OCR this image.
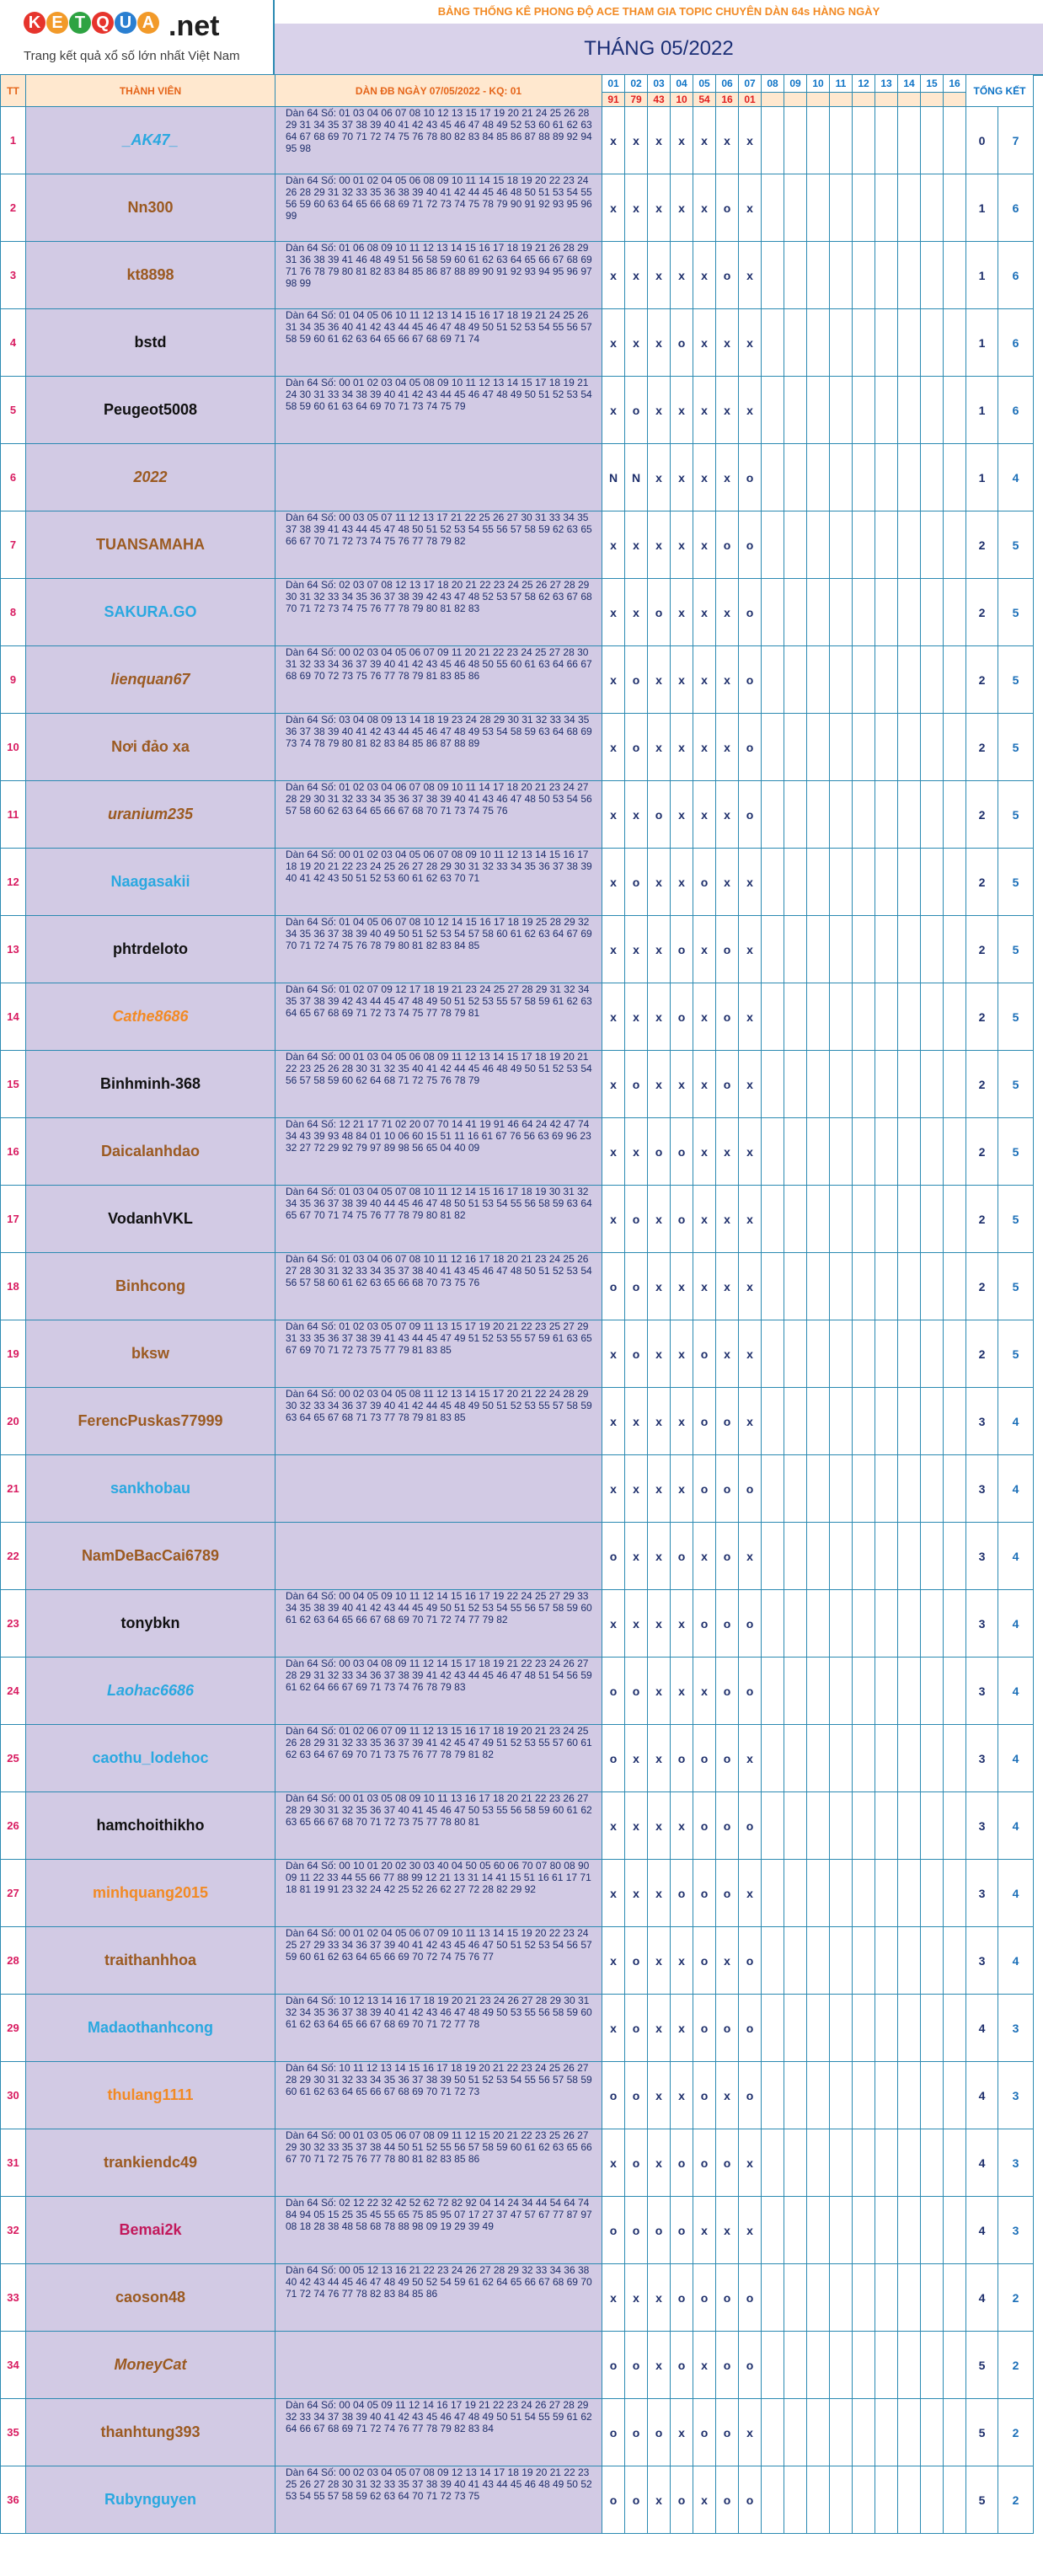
K E T Q U A .net
Trang kết quả xổ số lớn nhất Việt Nam
BẢNG THỐNG KÊ PHONG ĐỘ ACE THAM GIA TOPIC CHUYÊN DÀN 64s HÀNG NGÀY
THÁNG 05/2022
TT	THÀNH VIÊN	DÀN ĐB NGÀY 07/05/2022 - KQ: 01	01	02	03	04	05	06	07	08	09	10	11	12	13	14	15	16	TỔNG KẾT	
			91	79	43	10	54	16	01											
1	_AK47_	Dàn 64 Số: 01 03 04 06 07 08 10 12 13 15 17 19 20 21 24 25 26 28 29 31 34 35 37 38 39 40 41 42 43 45 46 47 48 49 52 53 60 61 62 63 64 67 68 69 70 71 72 74 75 76 78 80 82 83 84 85 86 87 88 89 92 94 95 98	x	x	x	x	x	x	x										0	7
2	Nn300	Dàn 64 Số: 00 01 02 04 05 06 08 09 10 11 14 15 18 19 20 22 23 24 26 28 29 31 32 33 35 36 38 39 40 41 42 44 45 46 48 50 51 53 54 55 56 59 60 63 64 65 66 68 69 71 72 73 74 75 78 79 90 91 92 93 95 96 99	x	x	x	x	x	o	x										1	6
3	kt8898	Dàn 64 Số: 01 06 08 09 10 11 12 13 14 15 16 17 18 19 21 26 28 29 31 36 38 39 41 46 48 49 51 56 58 59 60 61 62 63 64 65 66 67 68 69 71 76 78 79 80 81 82 83 84 85 86 87 88 89 90 91 92 93 94 95 96 97 98 99	x	x	x	x	x	o	x										1	6
4	bstd	Dàn 64 Số: 01 04 05 06 10 11 12 13 14 15 16 17 18 19 21 24 25 26 31 34 35 36 40 41 42 43 44 45 46 47 48 49 50 51 52 53 54 55 56 57 58 59 60 61 62 63 64 65 66 67 68 69 71 74	x	x	x	o	x	x	x										1	6
5	Peugeot5008	Dàn 64 Số: 00 01 02 03 04 05 08 09 10 11 12 13 14 15 17 18 19 21 24 30 31 33 34 38 39 40 41 42 43 44 45 46 47 48 49 50 51 52 53 54 58 59 60 61 63 64 69 70 71 73 74 75 79	x	o	x	x	x	x	x										1	6
6	2022		N	N	x	x	x	x	o										1	4
7	TUANSAMAHA	Dàn 64 Số: 00 03 05 07 11 12 13 17 21 22 25 26 27 30 31 33 34 35 37 38 39 41 43 44 45 47 48 50 51 52 53 54 55 56 57 58 59 62 63 65 66 67 70 71 72 73 74 75 76 77 78 79 82	x	x	x	x	x	o	o										2	5
8	SAKURA.GO	Dàn 64 Số: 02 03 07 08 12 13 17 18 20 21 22 23 24 25 26 27 28 29 30 31 32 33 34 35 36 37 38 39 42 43 47 48 52 53 57 58 62 63 67 68 70 71 72 73 74 75 76 77 78 79 80 81 82 83	x	x	o	x	x	x	o										2	5
9	lienquan67	Dàn 64 Số: 00 02 03 04 05 06 07 09 11 20 21 22 23 24 25 27 28 30 31 32 33 34 36 37 39 40 41 42 43 45 46 48 50 55 60 61 63 64 66 67 68 69 70 72 73 75 76 77 78 79 81 83 85 86	x	o	x	x	x	x	o										2	5
10	Nơi đảo xa	Dàn 64 Số: 03 04 08 09 13 14 18 19 23 24 28 29 30 31 32 33 34 35 36 37 38 39 40 41 42 43 44 45 46 47 48 49 53 54 58 59 63 64 68 69 73 74 78 79 80 81 82 83 84 85 86 87 88 89	x	o	x	x	x	x	o										2	5
11	uranium235	Dàn 64 Số: 01 02 03 04 06 07 08 09 10 11 14 17 18 20 21 23 24 27 28 29 30 31 32 33 34 35 36 37 38 39 40 41 43 46 47 48 50 53 54 56 57 58 60 62 63 64 65 66 67 68 70 71 73 74 75 76	x	x	o	x	x	x	o										2	5
12	Naagasakii	Dàn 64 Số: 00 01 02 03 04 05 06 07 08 09 10 11 12 13 14 15 16 17 18 19 20 21 22 23 24 25 26 27 28 29 30 31 32 33 34 35 36 37 38 39 40 41 42 43 50 51 52 53 60 61 62 63 70 71	x	o	x	x	o	x	x										2	5
13	phtrdeloto	Dàn 64 Số: 01 04 05 06 07 08 10 12 14 15 16 17 18 19 25 28 29 32 34 35 36 37 38 39 40 49 50 51 52 53 54 57 58 60 61 62 63 64 67 69 70 71 72 74 75 76 78 79 80 81 82 83 84 85	x	x	x	o	x	o	x										2	5
14	Cathe8686	Dàn 64 Số: 01 02 07 09 12 17 18 19 21 23 24 25 27 28 29 31 32 34 35 37 38 39 42 43 44 45 47 48 49 50 51 52 53 55 57 58 59 61 62 63 64 65 67 68 69 71 72 73 74 75 77 78 79 81	x	x	x	o	x	o	x										2	5
15	Binhminh-368	Dàn 64 Số: 00 01 03 04 05 06 08 09 11 12 13 14 15 17 18 19 20 21 22 23 25 26 28 30 31 32 35 40 41 42 44 45 46 48 49 50 51 52 53 54 56 57 58 59 60 62 64 68 71 72 75 76 78 79	x	o	x	x	x	o	x										2	5
16	Daicalanhdao	Dàn 64 Số: 12 21 17 71 02 20 07 70 14 41 19 91 46 64 24 42 47 74 34 43 39 93 48 84 01 10 06 60 15 51 11 16 61 67 76 56 63 69 96 23 32 27 72 29 92 79 97 89 98 56 65 04 40 09	x	x	o	o	x	x	x										2	5
17	VodanhVKL	Dàn 64 Số: 01 03 04 05 07 08 10 11 12 14 15 16 17 18 19 30 31 32 34 35 36 37 38 39 40 44 45 46 47 48 50 51 53 54 55 56 58 59 63 64 65 67 70 71 74 75 76 77 78 79 80 81 82	x	o	x	o	x	x	x										2	5
18	Binhcong	Dàn 64 Số: 01 03 04 06 07 08 10 11 12 16 17 18 20 21 23 24 25 26 27 28 30 31 32 33 34 35 37 38 40 41 43 45 46 47 48 50 51 52 53 54 56 57 58 60 61 62 63 65 66 68 70 73 75 76	o	o	x	x	x	x	x										2	5
19	bksw	Dàn 64 Số: 01 02 03 05 07 09 11 13 15 17 19 20 21 22 23 25 27 29 31 33 35 36 37 38 39 41 43 44 45 47 49 51 52 53 55 57 59 61 63 65 67 69 70 71 72 73 75 77 79 81 83 85	x	o	x	x	o	x	x										2	5
20	FerencPuskas77999	Dàn 64 Số: 00 02 03 04 05 08 11 12 13 14 15 17 20 21 22 24 28 29 30 32 33 34 36 37 39 40 41 42 44 45 48 49 50 51 52 53 55 57 58 59 63 64 65 67 68 71 73 77 78 79 81 83 85	x	x	x	x	o	o	x										3	4
21	sankhobau		x	x	x	x	o	o	o										3	4
22	NamDeBacCai6789		o	x	x	o	x	o	x										3	4
23	tonybkn	Dàn 64 Số: 00 04 05 09 10 11 12 14 15 16 17 19 22 24 25 27 29 33 34 35 38 39 40 41 42 43 44 45 49 50 51 52 53 54 55 56 57 58 59 60 61 62 63 64 65 66 67 68 69 70 71 72 74 77 79 82	x	x	x	x	o	o	o										3	4
24	Laohac6686	Dàn 64 Số: 00 03 04 08 09 11 12 14 15 17 18 19 21 22 23 24 26 27 28 29 31 32 33 34 36 37 38 39 41 42 43 44 45 46 47 48 51 54 56 59 61 62 64 66 67 69 71 73 74 76 78 79 83	o	o	x	x	x	o	o										3	4
25	caothu_lodehoc	Dàn 64 Số: 01 02 06 07 09 11 12 13 15 16 17 18 19 20 21 23 24 25 26 28 29 31 32 33 35 36 37 39 41 42 45 47 49 51 52 53 55 57 60 61 62 63 64 67 69 70 71 73 75 76 77 78 79 81 82	o	x	x	o	o	o	x										3	4
26	hamchoithikho	Dàn 64 Số: 00 01 03 05 08 09 10 11 13 16 17 18 20 21 22 23 26 27 28 29 30 31 32 35 36 37 40 41 45 46 47 50 53 55 56 58 59 60 61 62 63 65 66 67 68 70 71 72 73 75 77 78 80 81	x	x	x	x	o	o	o										3	4
27	minhquang2015	Dàn 64 Số: 00 10 01 20 02 30 03 40 04 50 05 60 06 70 07 80 08 90 09 11 22 33 44 55 66 77 88 99 12 21 13 31 14 41 15 51 16 61 17 71 18 81 19 91 23 32 24 42 25 52 26 62 27 72 28 82 29 92	x	x	x	o	o	o	x										3	4
28	traithanhhoa	Dàn 64 Số: 00 01 02 04 05 06 07 09 10 11 13 14 15 19 20 22 23 24 25 27 29 33 34 36 37 39 40 41 42 43 45 46 47 50 51 52 53 54 56 57 59 60 61 62 63 64 65 66 69 70 72 74 75 76 77	x	o	x	x	o	x	o										3	4
29	Madaothanhcong	Dàn 64 Số: 10 12 13 14 16 17 18 19 20 21 23 24 26 27 28 29 30 31 32 34 35 36 37 38 39 40 41 42 43 46 47 48 49 50 53 55 56 58 59 60 61 62 63 64 65 66 67 68 69 70 71 72 77 78	x	o	x	x	o	o	o										4	3
30	thulang1111	Dàn 64 Số: 10 11 12 13 14 15 16 17 18 19 20 21 22 23 24 25 26 27 28 29 30 31 32 33 34 35 36 37 38 39 50 51 52 53 54 55 56 57 58 59 60 61 62 63 64 65 66 67 68 69 70 71 72 73	o	o	x	x	o	x	o										4	3
31	trankiendc49	Dàn 64 Số: 00 01 03 05 06 07 08 09 11 12 15 20 21 22 23 25 26 27 29 30 32 33 35 37 38 44 50 51 52 55 56 57 58 59 60 61 62 63 65 66 67 70 71 72 75 76 77 78 80 81 82 83 85 86	x	o	x	o	o	o	x										4	3
32	Bemai2k	Dàn 64 Số: 02 12 22 32 42 52 62 72 82 92 04 14 24 34 44 54 64 74 84 94 05 15 25 35 45 55 65 75 85 95 07 17 27 37 47 57 67 77 87 97 08 18 28 38 48 58 68 78 88 98 09 19 29 39 49	o	o	o	o	x	x	x										4	3
33	caoson48	Dàn 64 Số: 00 05 12 13 16 21 22 23 24 26 27 28 29 32 33 34 36 38 40 42 43 44 45 46 47 48 49 50 52 54 59 61 62 64 65 66 67 68 69 70 71 72 74 76 77 78 82 83 84 85 86	x	x	x	o	o	o	o										4	2
34	MoneyCat		o	o	x	o	x	o	o										5	2
35	thanhtung393	Dàn 64 Số: 00 04 05 09 11 12 14 16 17 19 21 22 23 24 26 27 28 29 32 33 34 37 38 39 40 41 42 43 45 46 47 48 49 50 51 54 55 59 61 62 64 66 67 68 69 71 72 74 76 77 78 79 82 83 84	o	o	o	x	o	o	x										5	2
36	Rubynguyen	Dàn 64 Số: 00 02 03 04 05 07 08 09 12 13 14 17 18 19 20 21 22 23 25 26 27 28 30 31 32 33 35 37 38 39 40 41 43 44 45 46 48 49 50 52 53 54 55 57 58 59 62 63 64 70 71 72 73 75	o	o	x	o	x	o	o										5	2
